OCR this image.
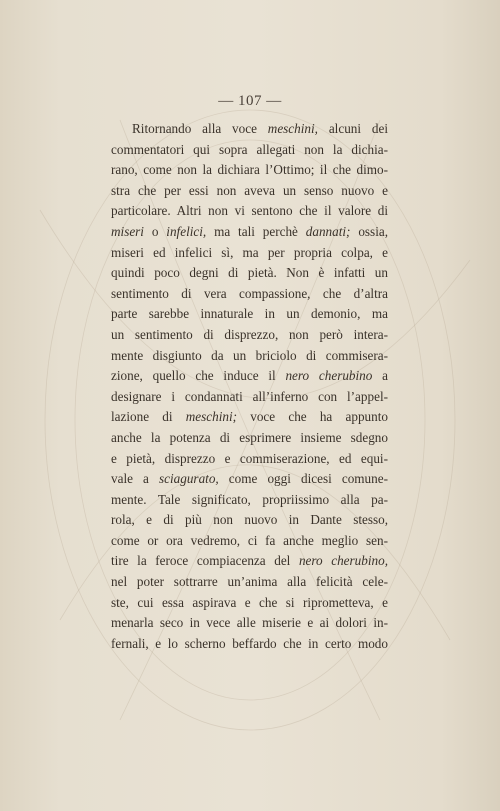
— 107 —
Ritornando alla voce meschini, alcuni dei
commentatori qui sopra allegati non la dichia-
rano, come non la dichiara l’Ottimo; il che dimo-
stra che per essi non aveva un senso nuovo e
particolare. Altri non vi sentono che il valore di
miseri o infelici, ma tali perchè dannati; ossia,
miseri ed infelici sì, ma per propria colpa, e
quindi poco degni di pietà. Non è infatti un
sentimento di vera compassione, che d’altra
parte sarebbe innaturale in un demonio, ma
un sentimento di disprezzo, non però intera-
mente disgiunto da un briciolo di commisera-
zione, quello che induce il nero cherubino a
designare i condannati all’inferno con l’appel-
lazione di meschini; voce che ha appunto
anche la potenza di esprimere insieme sdegno
e pietà, disprezzo e commiserazione, ed equi-
vale a sciagurato, come oggi dicesi comune-
mente. Tale significato, propriissimo alla pa-
rola, e di più non nuovo in Dante stesso,
come or ora vedremo, ci fa anche meglio sen-
tire la feroce compiacenza del nero cherubino,
nel poter sottrarre un’anima alla felicità cele-
ste, cui essa aspirava e che si riprometteva, e
menarla seco in vece alle miserie e ai dolori in-
fernali, e lo scherno beffardo che in certo modo
